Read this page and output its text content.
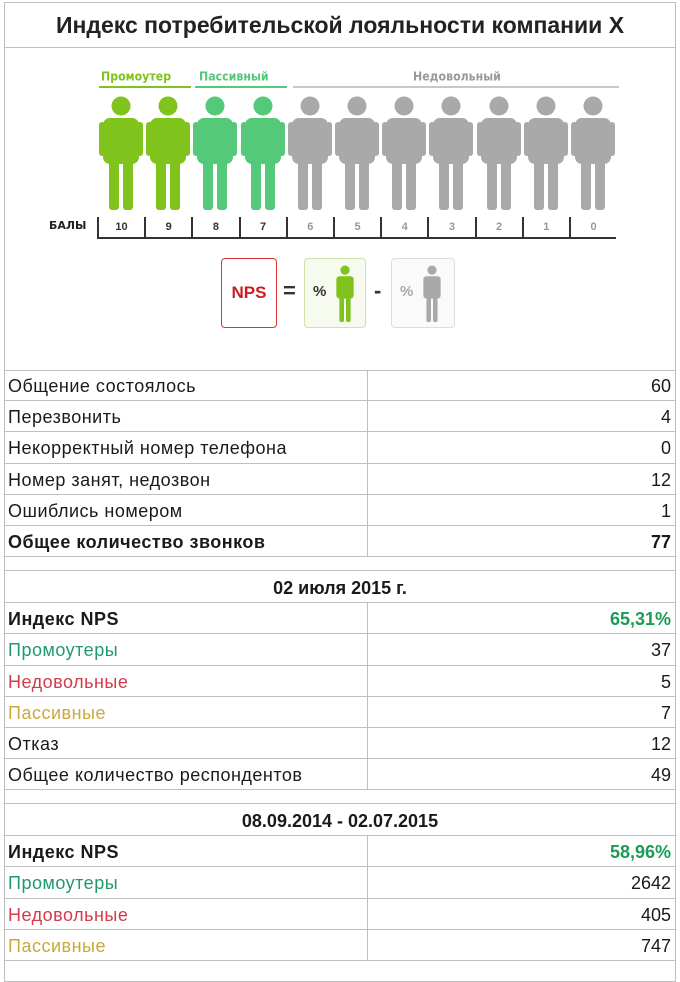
Индекс потребительской лояльности компании X
Промоутер	Пассивный	Недовольный
БАЛЫ	10	9	8	7	6	5	4	3	2	1	0
NPS = % - %
Общение состоялось	60
Перезвонить	4
Некорректный номер телефона	0
Номер занят, недозвон	12
Ошиблись номером	1
Общее количество звонков	77
02 июля 2015 г.
Индекс NPS	65,31%
Промоутеры	37
Недовольные	5
Пассивные	7
Отказ	12
Общее количество респондентов	49
08.09.2014 - 02.07.2015
Индекс NPS	58,96%
Промоутеры	2642
Недовольные	405
Пассивные	747
